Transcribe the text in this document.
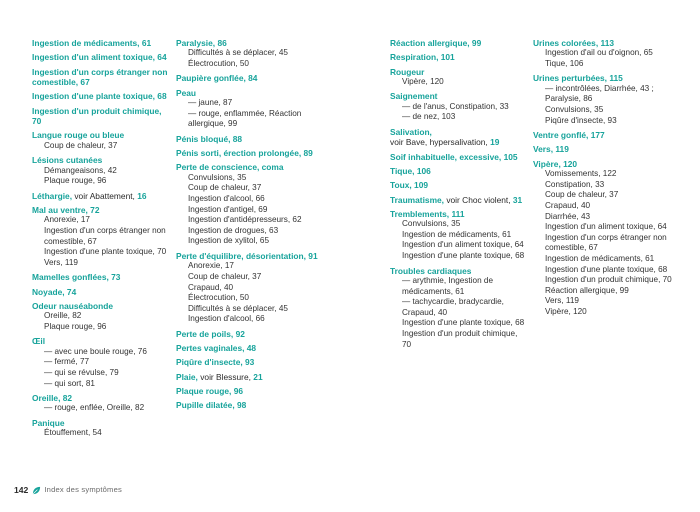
Ingestion de médicaments, 61
Ingestion d'un aliment toxique, 64
Ingestion d'un corps étranger non comestible, 67
Ingestion d'une plante toxique, 68
Ingestion d'un produit chimique, 70
Langue rouge ou bleue
Coup de chaleur, 37
Lésions cutanées
Démangeaisons, 42
Plaque rouge, 96
Léthargie, voir Abattement, 16
Mal au ventre, 72
Anorexie, 17
Ingestion d'un corps étranger non comestible, 67
Ingestion d'une plante toxique, 70
Vers, 119
Mamelles gonflées, 73
Noyade, 74
Odeur nauséabonde
Oreille, 82
Plaque rouge, 96
Œil
— avec une boule rouge, 76
— fermé, 77
— qui se révulse, 79
— qui sort, 81
Oreille, 82
— rouge, enflée, Oreille, 82
Panique
Étouffement, 54
Paralysie, 86
Difficultés à se déplacer, 45
Électrocution, 50
Paupière gonflée, 84
Peau
— jaune, 87
— rouge, enflammée, Réaction allergique, 99
Pénis bloqué, 88
Pénis sorti, érection prolongée, 89
Perte de conscience, coma
Convulsions, 35
Coup de chaleur, 37
Ingestion d'alcool, 66
Ingestion d'antigel, 69
Ingestion d'antidépresseurs, 62
Ingestion de drogues, 63
Ingestion de xylitol, 65
Perte d'équilibre, désorientation, 91
Anorexie, 17
Coup de chaleur, 37
Crapaud, 40
Électrocution, 50
Difficultés à se déplacer, 45
Ingestion d'alcool, 66
Perte de poils, 92
Pertes vaginales, 48
Piqûre d'insecte, 93
Plaie, voir Blessure, 21
Plaque rouge, 96
Pupille dilatée, 98
Réaction allergique, 99
Respiration, 101
Rougeur
Vipère, 120
Saignement
— de l'anus, Constipation, 33
— de nez, 103
Salivation,
voir Bave, hypersalivation, 19
Soif inhabituelle, excessive, 105
Tique, 106
Toux, 109
Traumatisme, voir Choc violent, 31
Tremblements, 111
Convulsions, 35
Ingestion de médicaments, 61
Ingestion d'un aliment toxique, 64
Ingestion d'une plante toxique, 68
Troubles cardiaques
— arythmie, Ingestion de médicaments, 61
— tachycardie, bradycardie, Crapaud, 40
Ingestion d'une plante toxique, 68
Ingestion d'un produit chimique, 70
Urines colorées, 113
Ingestion d'ail ou d'oignon, 65
Tique, 106
Urines perturbées, 115
— incontrôlées, Diarrhée, 43 ; Paralysie, 86
Convulsions, 35
Piqûre d'insecte, 93
Ventre gonflé, 177
Vers, 119
Vipère, 120
Vomissements, 122
Constipation, 33
Coup de chaleur, 37
Crapaud, 40
Diarrhée, 43
Ingestion d'un aliment toxique, 64
Ingestion d'un corps étranger non comestible, 67
Ingestion de médicaments, 61
Ingestion d'une plante toxique, 68
Ingestion d'un produit chimique, 70
Réaction allergique, 99
Vers, 119
Vipère, 120
142 Index des symptômes
